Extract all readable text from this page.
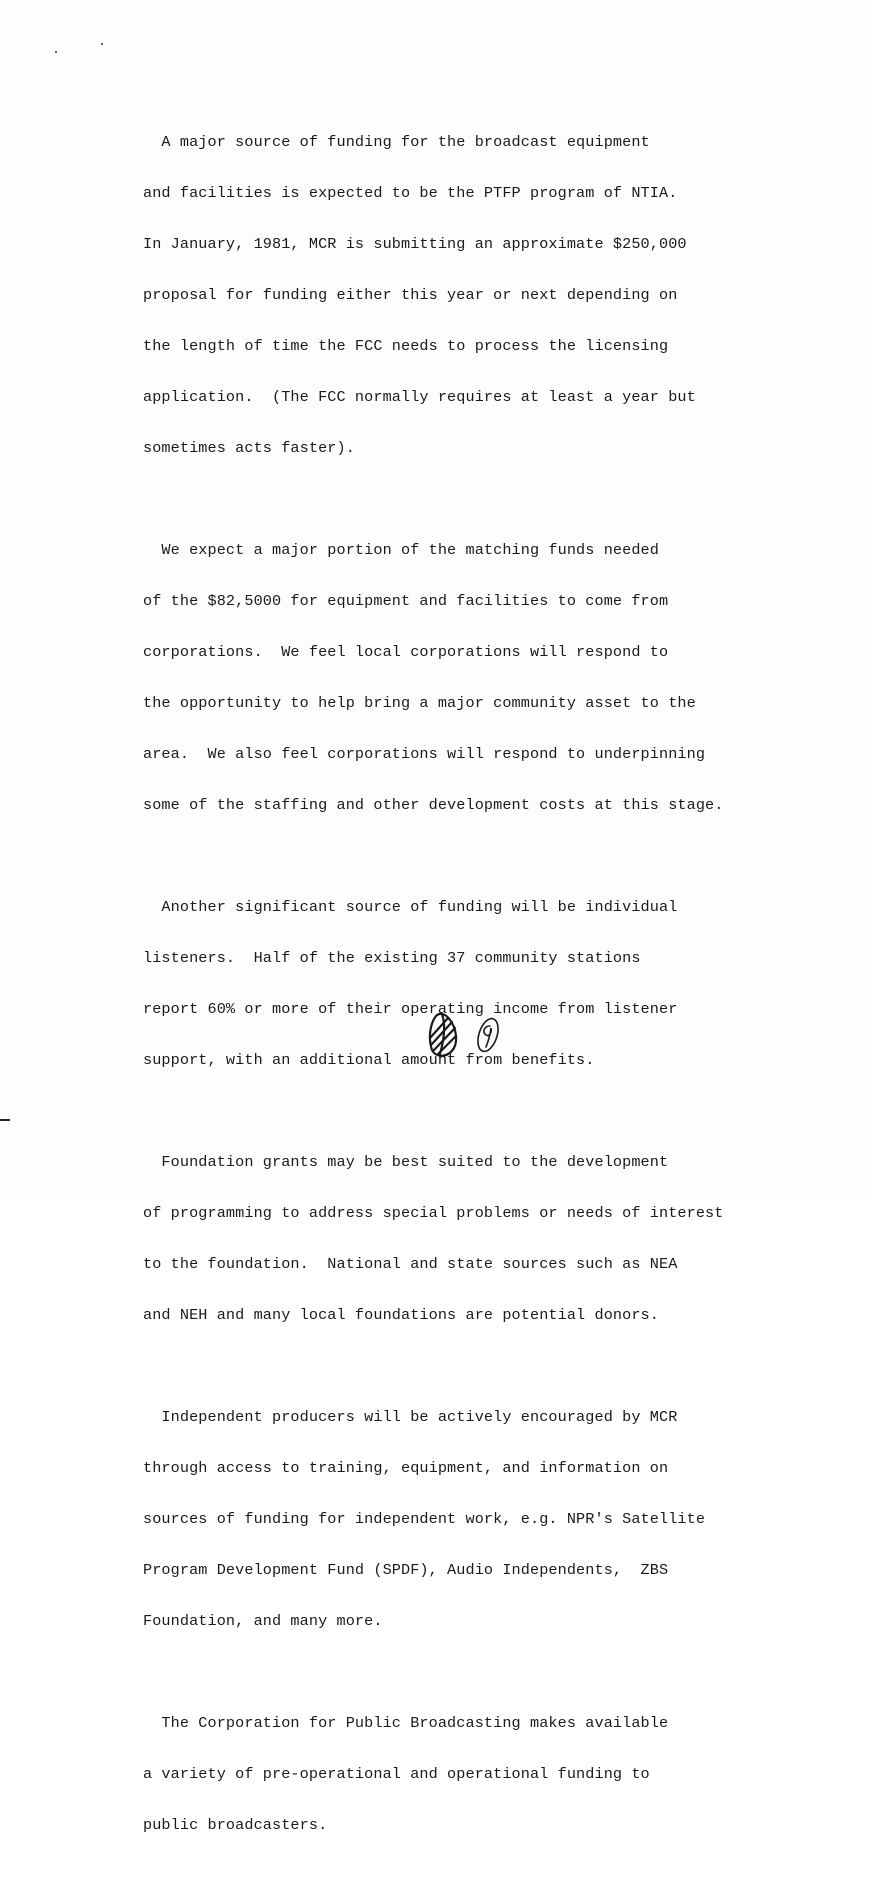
A major source of funding for the broadcast equipment

and facilities is expected to be the PTFP program of NTIA.

In January, 1981, MCR is submitting an approximate $250,000

proposal for funding either this year or next depending on

the length of time the FCC needs to process the licensing

application.  (The FCC normally requires at least a year but

sometimes acts faster).

We expect a major portion of the matching funds needed

of the $82,5000 for equipment and facilities to come from

corporations.  We feel local corporations will respond to

the opportunity to help bring a major community asset to the

area.  We also feel corporations will respond to underpinning

some of the staffing and other development costs at this stage.

Another significant source of funding will be individual

listeners.  Half of the existing 37 community stations

report 60% or more of their operating income from listener

support, with an additional amount from benefits.

Foundation grants may be best suited to the development

of programming to address special problems or needs of interest

to the foundation.  National and state sources such as NEA

and NEH and many local foundations are potential donors.

Independent producers will be actively encouraged by MCR

through access to training, equipment, and information on

sources of funding for independent work, e.g. NPR's Satellite

Program Development Fund (SPDF), Audio Independents,  ZBS

Foundation, and many more.

The Corporation for Public Broadcasting makes available

a variety of pre-operational and operational funding to

public broadcasters.
